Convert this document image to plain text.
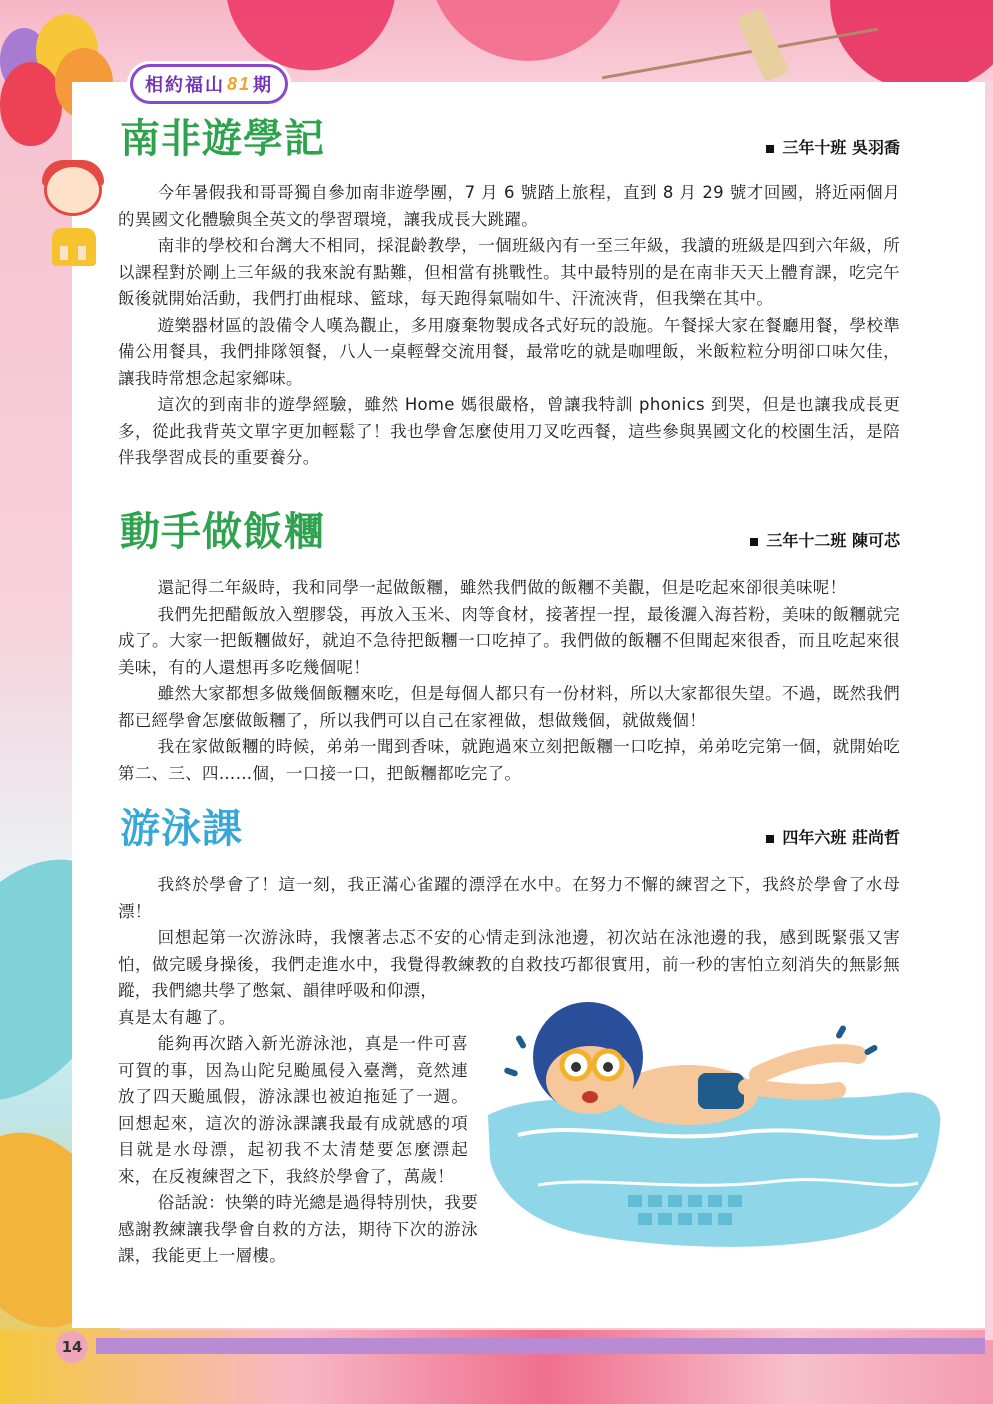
相約福山 81 期
南非遊學記	三年十班 吳羽喬

今年暑假我和哥哥獨自參加南非遊學團，7 月 6 號踏上旅程，直到 8 月 29 號才回國，將近兩個月的異國文化體驗與全英文的學習環境，讓我成長大跳躍。

南非的學校和台灣大不相同，採混齡教學，一個班級內有一至三年級，我讀的班級是四到六年級，所以課程對於剛上三年級的我來說有點難，但相當有挑戰性。其中最特別的是在南非天天上體育課，吃完午飯後就開始活動，我們打曲棍球、籃球，每天跑得氣喘如牛、汗流浹背，但我樂在其中。

遊樂器材區的設備令人嘆為觀止，多用廢棄物製成各式好玩的設施。午餐採大家在餐廳用餐，學校準備公用餐具，我們排隊領餐，八人一桌輕聲交流用餐，最常吃的就是咖哩飯，米飯粒粒分明卻口味欠佳，讓我時常想念起家鄉味。

這次的到南非的遊學經驗，雖然 Home 媽很嚴格，曾讓我特訓 phonics 到哭，但是也讓我成長更多，從此我背英文單字更加輕鬆了！我也學會怎麼使用刀叉吃西餐，這些參與異國文化的校園生活，是陪伴我學習成長的重要養分。

動手做飯糰	三年十二班 陳可芯

還記得二年級時，我和同學一起做飯糰，雖然我們做的飯糰不美觀，但是吃起來卻很美味呢！

我們先把醋飯放入塑膠袋，再放入玉米、肉等食材，接著捏一捏，最後灑入海苔粉，美味的飯糰就完成了。大家一把飯糰做好，就迫不急待把飯糰一口吃掉了。我們做的飯糰不但聞起來很香，而且吃起來很美味，有的人還想再多吃幾個呢！

雖然大家都想多做幾個飯糰來吃，但是每個人都只有一份材料，所以大家都很失望。不過，既然我們都已經學會怎麼做飯糰了，所以我們可以自己在家裡做，想做幾個，就做幾個！

我在家做飯糰的時候，弟弟一聞到香味，就跑過來立刻把飯糰一口吃掉，弟弟吃完第一個，就開始吃第二、三、四……個，一口接一口，把飯糰都吃完了。

游泳課	四年六班 莊尚哲

我終於學會了！這一刻，我正滿心雀躍的漂浮在水中。在努力不懈的練習之下，我終於學會了水母漂！

回想起第一次游泳時，我懷著忐忑不安的心情走到泳池邊，初次站在泳池邊的我，感到既緊張又害怕，做完暖身操後，我們走進水中，我覺得教練教的自救技巧都很實用，前一秒的害怕立刻消失的無影無蹤，我們總共學了憋氣、韻律呼吸和仰漂，

真是太有趣了。

能夠再次踏入新光游泳池，真是一件可喜可賀的事，因為山陀兒颱風侵入臺灣，竟然連放了四天颱風假，游泳課也被迫拖延了一週。回想起來，這次的游泳課讓我最有成就感的項目就是水母漂，起初我不太清楚要怎麼漂起來，在反複練習之下，我終於學會了，萬歲！

俗話說：快樂的時光總是過得特別快，我要感謝教練讓我學會自救的方法，期待下次的游泳課，我能更上一層樓。

14
